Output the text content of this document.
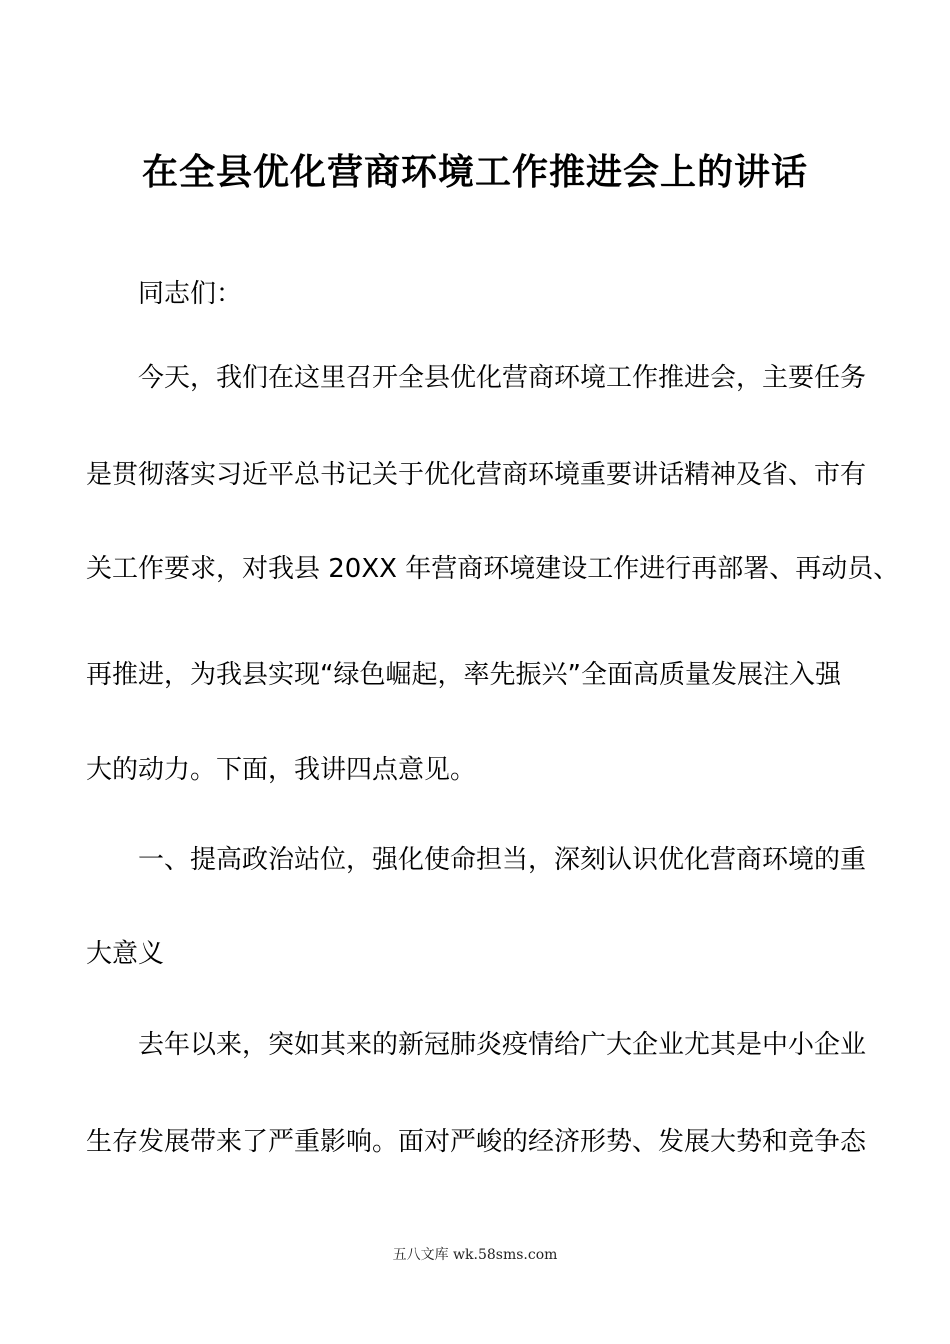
在全县优化营商环境工作推进会上的讲话

同志们：

今天，我们在这里召开全县优化营商环境工作推进会，主要任务

是贯彻落实习近平总书记关于优化营商环境重要讲话精神及省、市有

关工作要求，对我县 20XX 年营商环境建设工作进行再部署、再动员、

再推进，为我县实现“绿色崛起，率先振兴”全面高质量发展注入强

大的动力。下面，我讲四点意见。

一、提高政治站位，强化使命担当，深刻认识优化营商环境的重

大意义

去年以来，突如其来的新冠肺炎疫情给广大企业尤其是中小企业

生存发展带来了严重影响。面对严峻的经济形势、发展大势和竞争态

五八文库 wk.58sms.com
